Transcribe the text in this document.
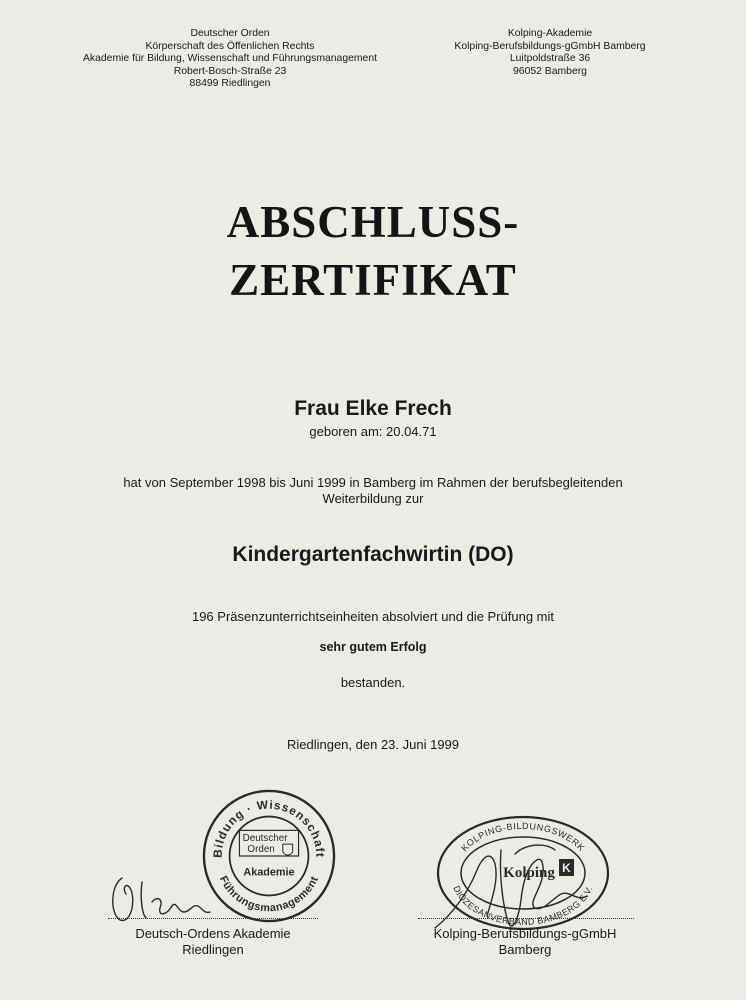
Deutscher Orden
Körperschaft des Öffenlichen Rechts
Akademie für Bildung, Wissenschaft und Führungsmanagement
Robert-Bosch-Straße 23
88499 Riedlingen
Kolping-Akademie
Kolping-Berufsbildungs-gGmbH Bamberg
Luitpoldstraße 36
96052 Bamberg
ABSCHLUSS-
ZERTIFIKAT
Frau Elke Frech
geboren am: 20.04.71
hat von September 1998 bis Juni 1999 in Bamberg im Rahmen der berufsbegleitenden
Weiterbildung zur
Kindergartenfachwirtin (DO)
196 Präsenzunterrichtseinheiten absolviert und die Prüfung mit
sehr gutem Erfolg
bestanden.
Riedlingen, den 23. Juni 1999
Bildung · Wissenschaft
Führungsmanagement
Deutscher
Orden
Akademie
KOLPING-BILDUNGSWERK
DIÖZESANVERBAND BAMBERG E.V.
Kolping K
Deutsch-Ordens Akademie
Riedlingen
Kolping-Berufsbildungs-gGmbH
Bamberg
